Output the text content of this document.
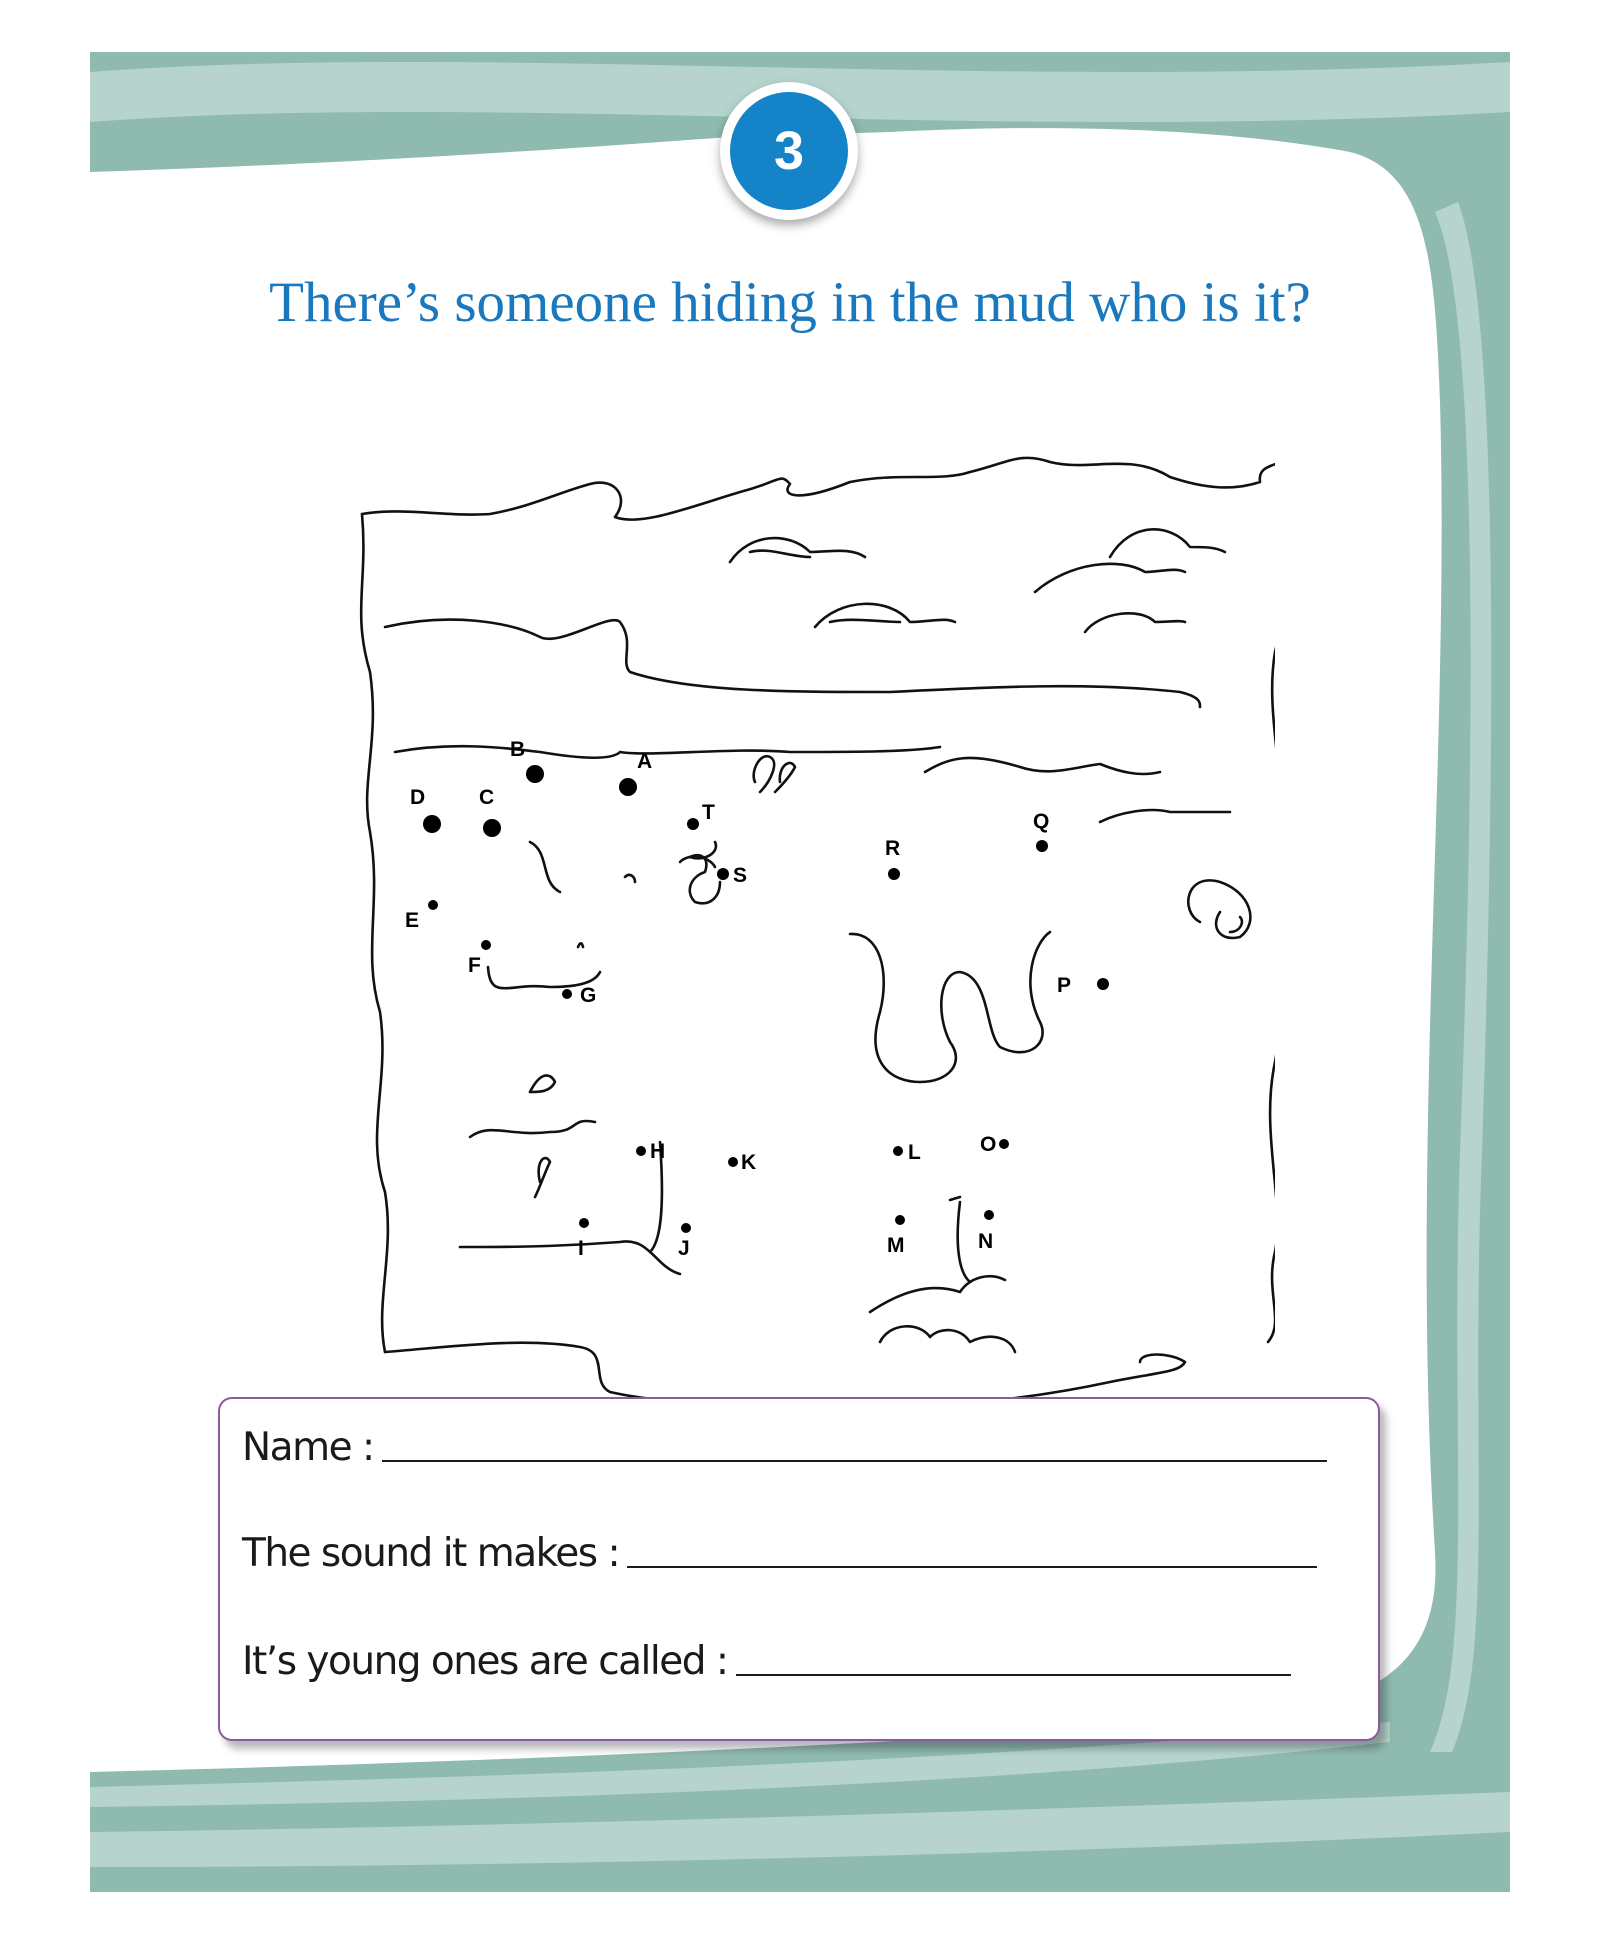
3
There’s someone hiding in the mud who is it?
A
B
C
D
E
F
G
H
I	J
K	L
M	N
O
P
Q
R
S
T
Name :
The sound it makes :
It’s young ones are called :
